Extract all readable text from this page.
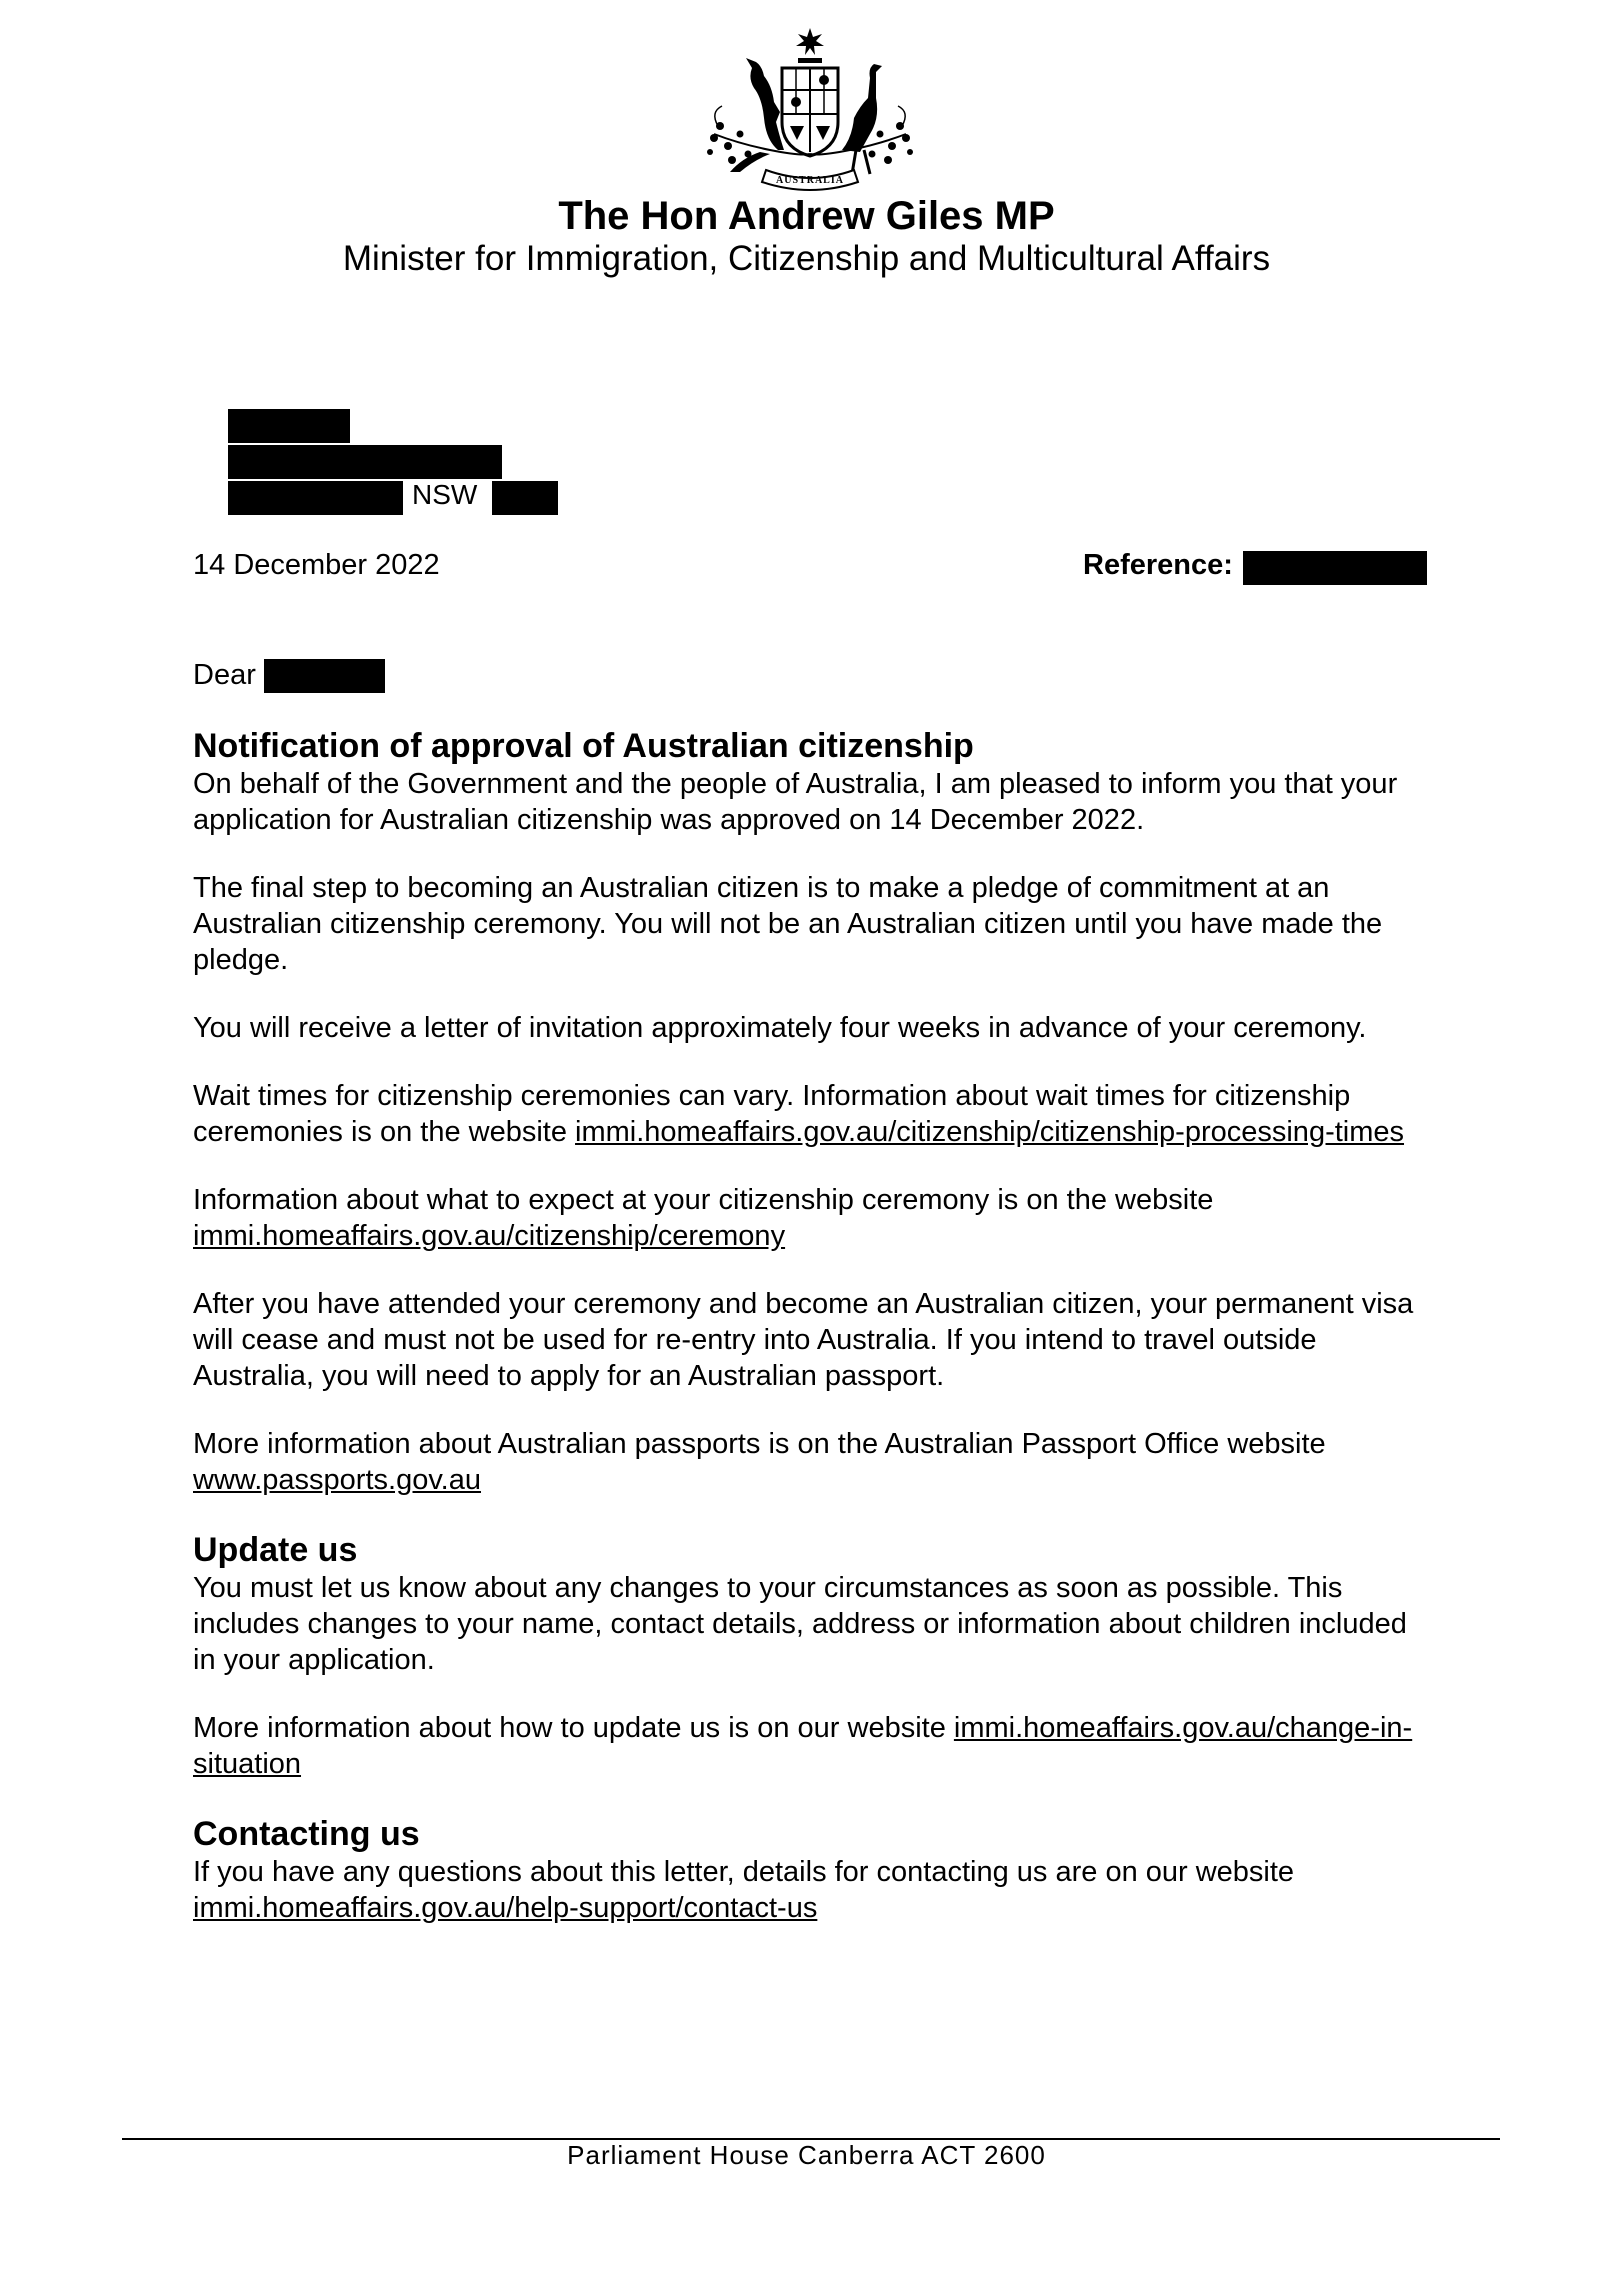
AUSTRALIA
The Hon Andrew Giles MP
Minister for Immigration, Citizenship and Multicultural Affairs
NSW
14 December 2022	Reference:
Dear
Notification of approval of Australian citizenship

On behalf of the Government and the people of Australia, I am pleased to inform you that your application for Australian citizenship was approved on 14 December 2022.

The final step to becoming an Australian citizen is to make a pledge of commitment at an Australian citizenship ceremony. You will not be an Australian citizen until you have made the pledge.

You will receive a letter of invitation approximately four weeks in advance of your ceremony.

Wait times for citizenship ceremonies can vary. Information about wait times for citizenship ceremonies is on the website immi.homeaffairs.gov.au/citizenship/citizenship-processing-times

Information about what to expect at your citizenship ceremony is on the website immi.homeaffairs.gov.au/citizenship/ceremony

After you have attended your ceremony and become an Australian citizen, your permanent visa will cease and must not be used for re-entry into Australia. If you intend to travel outside Australia, you will need to apply for an Australian passport.

More information about Australian passports is on the Australian Passport Office website www.passports.gov.au

Update us

You must let us know about any changes to your circumstances as soon as possible. This includes changes to your name, contact details, address or information about children included in your application.

More information about how to update us is on our website immi.homeaffairs.gov.au/change-in-situation

Contacting us

If you have any questions about this letter, details for contacting us are on our website immi.homeaffairs.gov.au/help-support/contact-us

Parliament House Canberra ACT 2600
